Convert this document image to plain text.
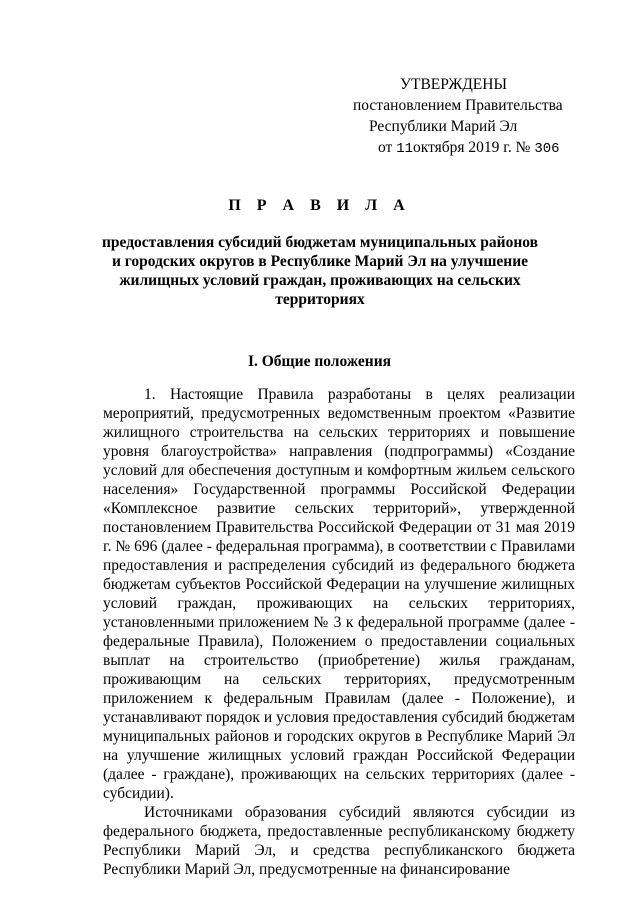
УТВЕРЖДЕНЫ
постановлением Правительства
Республики Марий Эл
от 11октября 2019 г. № 306
П Р А В И Л А
предоставления субсидий бюджетам муниципальных районов и городских округов в Республике Марий Эл на улучшение жилищных условий граждан, проживающих на сельских территориях
I. Общие положения

1. Настоящие Правила разработаны в целях реализации мероприятий, предусмотренных ведомственным проектом «Развитие жилищного строительства на сельских территориях и повышение уровня благоустройства» направления (подпрограммы) «Создание условий для обеспечения доступным и комфортным жильем сельского населения» Государственной программы Российской Федерации «Комплексное развитие сельских территорий», утвержденной постановлением Правительства Российской Федерации от 31 мая 2019 г. № 696 (далее - федеральная программа), в соответствии с Правилами предоставления и распределения субсидий из федерального бюджета бюджетам субъектов Российской Федерации на улучшение жилищных условий граждан, проживающих на сельских территориях, установленными приложением № 3 к федеральной программе (далее - федеральные Правила), Положением о предоставлении социальных выплат на строительство (приобретение) жилья гражданам, проживающим на сельских территориях, предусмотренным приложением к федеральным Правилам (далее - Положение), и устанавливают порядок и условия предоставления субсидий бюджетам муниципальных районов и городских округов в Республике Марий Эл на улучшение жилищных условий граждан Российской Федерации (далее - граждане), проживающих на сельских территориях (далее - субсидии).

Источниками образования субсидий являются субсидии из федерального бюджета, предоставленные республиканскому бюджету Республики Марий Эл, и средства республиканского бюджета Республики Марий Эл, предусмотренные на финансирование
